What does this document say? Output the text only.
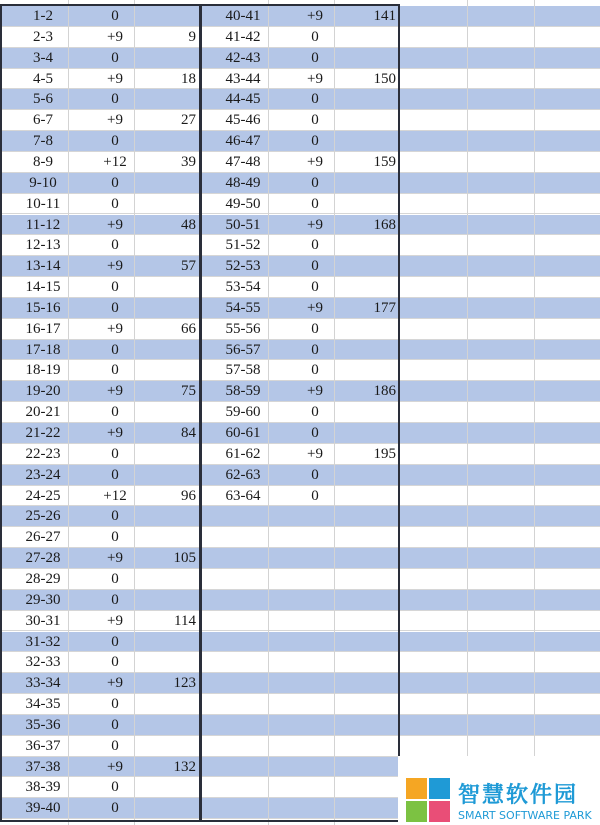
1-2	0
2-3	+9	9
3-4	0
4-5	+9	18
5-6	0
6-7	+9	27
7-8	0
8-9	+12	39
9-10	0
10-11	0
11-12	+9	48
12-13	0
13-14	+9	57
14-15	0
15-16	0
16-17	+9	66
17-18	0
18-19	0
19-20	+9	75
20-21	0
21-22	+9	84
22-23	0
23-24	0
24-25	+12	96
25-26	0
26-27	0
27-28	+9	105
28-29	0
29-30	0
30-31	+9	114
31-32	0
32-33	0
33-34	+9	123
34-35	0
35-36	0
36-37	0
37-38	+9	132
38-39	0
39-40	0
40-41	+9	141
41-42	0
42-43	0
43-44	+9	150
44-45	0
45-46	0
46-47	0
47-48	+9	159
48-49	0
49-50	0
50-51	+9	168
51-52	0
52-53	0
53-54	0
54-55	+9	177
55-56	0
56-57	0
57-58	0
58-59	+9	186
59-60	0
60-61	0
61-62	+9	195
62-63	0
63-64	0
智慧软件园
SMART SOFTWARE PARK
